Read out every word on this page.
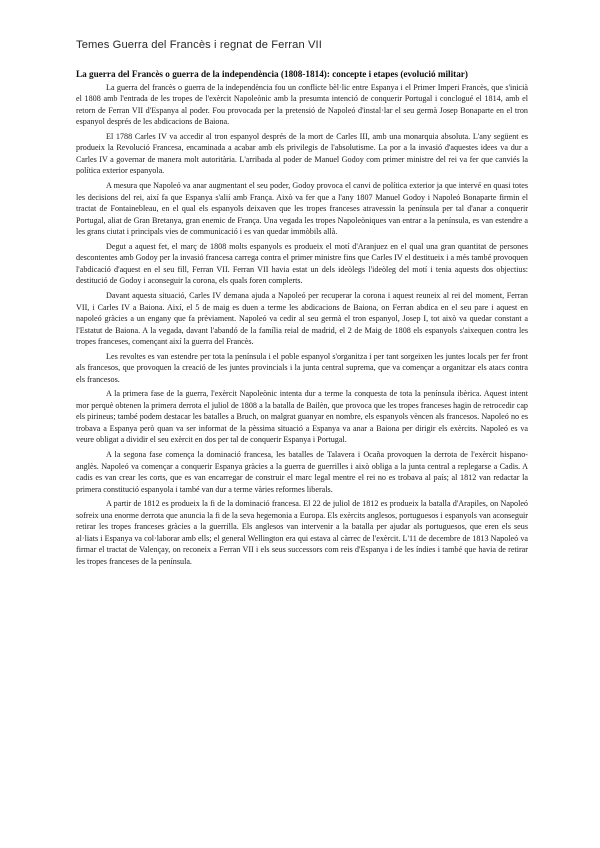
Temes Guerra del Francès i regnat de Ferran VII
La guerra del Francès o guerra de la independència (1808-1814): concepte i etapes (evolució militar)

La guerra del francès o guerra de la independència fou un conflicte bèl·lic entre Espanya i el Primer Imperi Francès, que s'inicià el 1808 amb l'entrada de les tropes de l'exèrcit Napoleònic amb la presumta intenció de conquerir Portugal i conclogué el 1814, amb el retorn de Ferran VII d'Espanya al poder. Fou provocada per la pretensió de Napoleó d'instal·lar el seu germà Josep Bonaparte en el tron espanyol després de les abdicacions de Baiona.

El 1788 Carles IV va accedir al tron espanyol després de la mort de Carles III, amb una monarquia absoluta. L'any següent es produeix la Revolució Francesa, encaminada a acabar amb els privilegis de l'absolutisme. La por a la invasió d'aquestes idees va dur a Carles IV a governar de manera molt autoritària. L'arribada al poder de Manuel Godoy com primer ministre del rei va fer que canviés la política exterior espanyola.

A mesura que Napoleó va anar augmentant el seu poder, Godoy provoca el canvi de política exterior ja que intervé en quasi totes les decisions del rei, així fa que Espanya s'alií amb França. Això va fer que a l'any 1807 Manuel Godoy i Napoleó Bonaparte firmin el tractat de Fontainebleau, en el qual els espanyols deixaven que les tropes franceses atravessin la península per tal d'anar a conquerir Portugal, aliat de Gran Bretanya, gran enemic de França. Una vegada les tropes Napoleòniques van entrar a la península, es van estendre a les grans ciutat i principals vies de communicació i es van quedar immòbils allà.

Degut a aquest fet, el març de 1808 molts espanyols es produeix el motí d'Aranjuez en el qual una gran quantitat de persones descontentes amb Godoy per la invasió francesa carrega contra el primer ministre fins que Carles IV el destitueix i a més també provoquen l'abdicació d'aquest en el seu fill, Ferran VII. Ferran VII havia estat un dels ideòlegs l'ideòleg del motí i tenia aquests dos objectius: destitució de Godoy i aconseguir la corona, els quals foren complerts.

Davant aquesta situació, Carles IV demana ajuda a Napoleó per recuperar la corona i aquest reuneix al rei del moment, Ferran VII, i Carles IV a Baiona. Així, el 5 de maig es duen a terme les abdicacions de Baiona, on Ferran abdica en el seu pare i aquest en napoleó gràcies a un engany que fa prèviament. Napoleó va cedir al seu germà el tron espanyol, Josep I, tot això va quedar constant a l'Estatut de Baiona. A la vegada, davant l'abandó de la família reial de madrid, el 2 de Maig de 1808 els espanyols s'aixequen contra les tropes franceses, començant així la guerra del Francès.

Les revoltes es van estendre per tota la península i el poble espanyol s'organitza i per tant sorgeixen les juntes locals per fer front als francesos, que provoquen la creació de les juntes provincials i la junta central suprema, que va començar a organitzar els atacs contra els francesos.

A la primera fase de la guerra, l'exèrcit Napoleònic intenta dur a terme la conquesta de tota la península ibèrica. Aquest intent mor perquè obtenen la primera derrota el juliol de 1808 a la batalla de Bailèn, que provoca que les tropes franceses hagin de retrocedir cap els pirineus; també podem destacar les batalles a Bruch, on malgrat guanyar en nombre, els espanyols vèncen als francesos. Napoleó no es trobava a Espanya però quan va ser informat de la pèssima situació a Espanya va anar a Baiona per dirigir els exèrcits. Napoleó es va veure obligat a dividir el seu exèrcit en dos per tal de conquerir Espanya i Portugal.

A la segona fase comença la dominació francesa, les batalles de Talavera i Ocaña provoquen la derrota de l'exèrcit hispano-anglès. Napoleó va començar a conquerir Espanya gràcies a la guerra de guerrilles i això obliga a la junta central a replegarse a Cadis. A cadis es van crear les corts, que es van encarregar de construir el marc legal mentre el rei no es trobava al país; al 1812 van redactar la primera constitució espanyola i també van dur a terme vàries reformes liberals.

A partir de 1812 es produeix la fi de la dominació francesa. El 22 de juliol de 1812 es produeix la batalla d'Arapiles, on Napoleó sofreix una enorme derrota que anuncia la fi de la seva hegemonia a Europa. Els exèrcits anglesos, portuguesos i espanyols van aconseguir retirar les tropes franceses gràcies a la guerrilla. Els anglesos van intervenir a la batalla per ajudar als portuguesos, que eren els seus al·liats i Espanya va col·laborar amb ells; el general Wellington era qui estava al càrrec de l'exèrcit. L'11 de decembre de 1813 Napoleó va firmar el tractat de Valençay, on reconeix a Ferran VII i els seus successors com reis d'Espanya i de les índies i també que havia de retirar les tropes franceses de la península.
